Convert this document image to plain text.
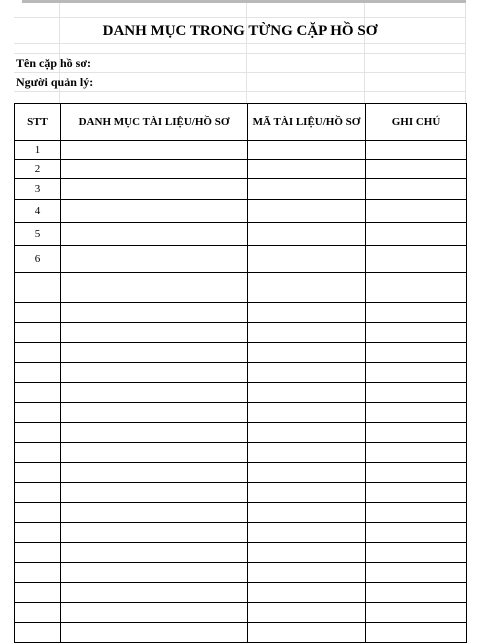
DANH MỤC TRONG TỪNG CẶP HỒ SƠ
Tên cặp hồ sơ:
Người quản lý:
STT	DANH MỤC TÀI LIỆU/HỒ SƠ	MÃ TÀI LIỆU/HỒ SƠ	GHI CHÚ
1			
2			
3			
4			
5			
6			
